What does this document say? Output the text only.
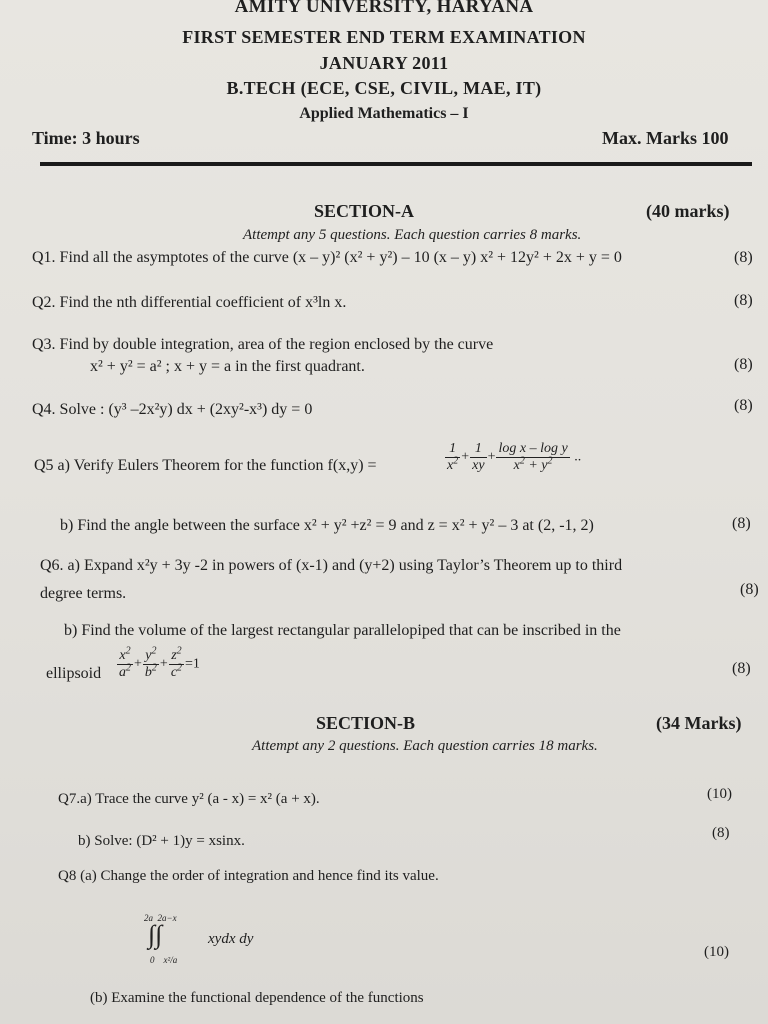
AMITY UNIVERSITY, HARYANA
FIRST SEMESTER END TERM EXAMINATION
JANUARY 2011
B.TECH (ECE, CSE, CIVIL, MAE, IT)
Applied Mathematics – I
Time: 3 hours	Max. Marks 100
SECTION-A	(40 marks)
Attempt any 5 questions. Each question carries 8 marks.
Q1. Find all the asymptotes of the curve (x – y)² (x² + y²) – 10 (x – y) x² + 12y² + 2x + y = 0	(8)
Q2. Find the nth differential coefficient of x³ln x.	(8)
Q3. Find by double integration, area of the region enclosed by the curve
x² + y² = a² ; x + y = a in the first quadrant.	(8)
Q4. Solve : (y³ –2x²y) dx + (2xy²-x³) dy = 0	(8)
Q5 a) Verify Eulers Theorem for the function f(x,y) =	$\frac{1}{x^2} + \frac{1}{xy} + \frac{\text{log x – log y}}{x^2 + y^2}$ ..
b) Find the angle between the surface x² + y² +z² = 9 and z = x² + y² – 3 at (2, -1, 2)	(8)
Q6. a) Expand x²y + 3y -2 in powers of (x-1) and (y+2) using Taylor’s Theorem up to third
degree terms.	(8)
b) Find the volume of the largest rectangular parallelopiped that can be inscribed in the
ellipsoid $\frac{x^2}{a^2} + \frac{y^2}{b^2} + \frac{z^2}{c^2} =1$	(8)
SECTION-B	(34 Marks)
Attempt any 2 questions. Each question carries 18 marks.
Q7.a) Trace the curve y² (a - x) = x² (a + x).	(10)
b) Solve: (D² + 1)y = xsinx.	(8)
Q8 (a) Change the order of integration and hence find its value.
2a  2a−x
∫∫
0    x²/a
xydx dy
(10)
(b) Examine the functional dependence of the functions
